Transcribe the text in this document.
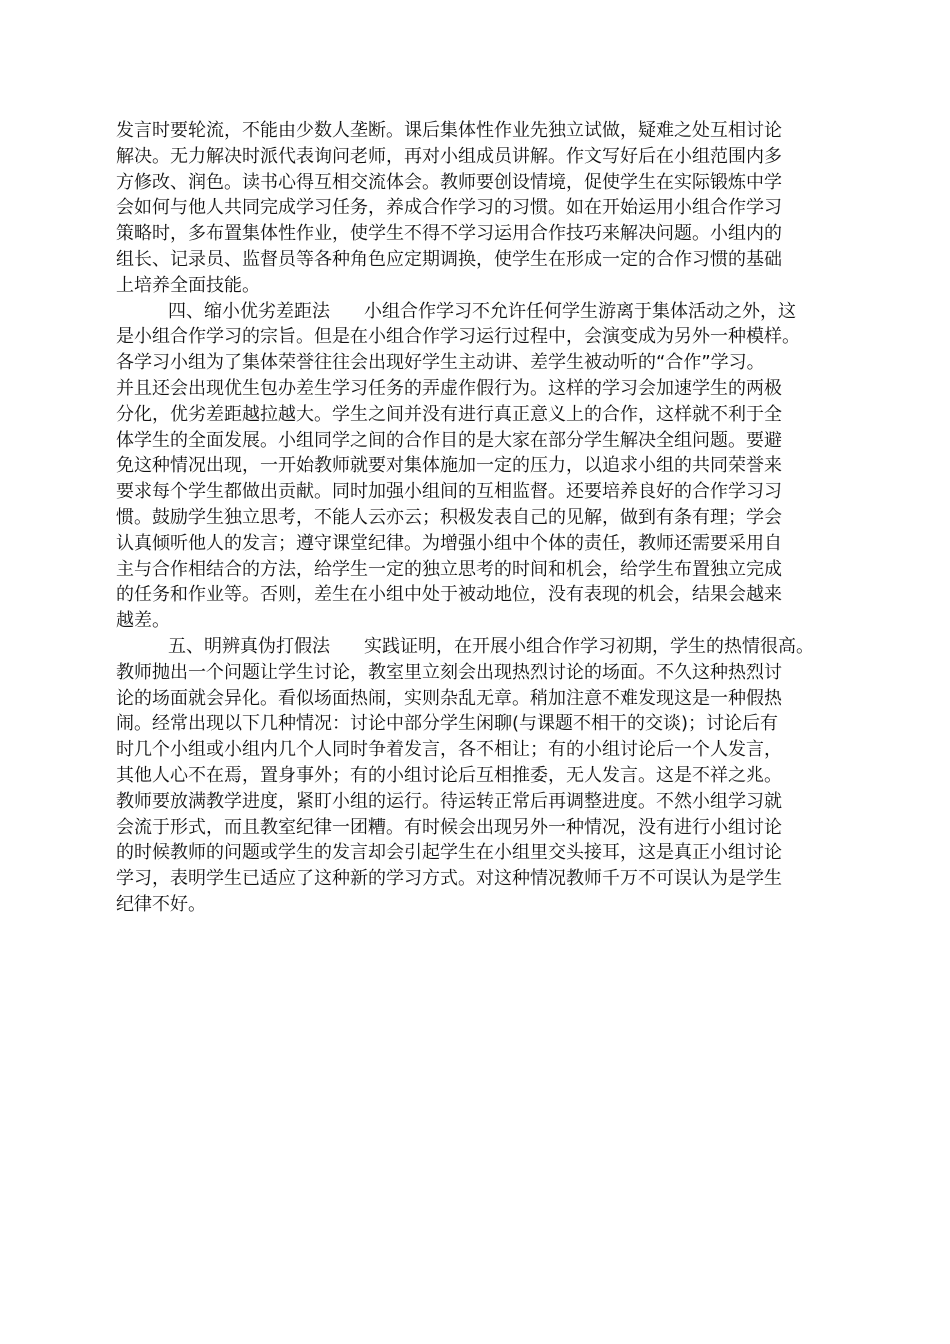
发言时要轮流，不能由少数人垄断。课后集体性作业先独立试做，疑难之处互相讨论
解决。无力解决时派代表询问老师，再对小组成员讲解。作文写好后在小组范围内多
方修改、润色。读书心得互相交流体会。教师要创设情境，促使学生在实际锻炼中学
会如何与他人共同完成学习任务，养成合作学习的习惯。如在开始运用小组合作学习
策略时，多布置集体性作业，使学生不得不学习运用合作技巧来解决问题。小组内的
组长、记录员、监督员等各种角色应定期调换，使学生在形成一定的合作习惯的基础
上培养全面技能。
四、缩小优劣差距法 小组合作学习不允许任何学生游离于集体活动之外，这
是小组合作学习的宗旨。但是在小组合作学习运行过程中，会演变成为另外一种模样。
各学习小组为了集体荣誉往往会出现好学生主动讲、差学生被动听的“合作”学习。
并且还会出现优生包办差生学习任务的弄虚作假行为。这样的学习会加速学生的两极
分化，优劣差距越拉越大。学生之间并没有进行真正意义上的合作，这样就不利于全
体学生的全面发展。小组同学之间的合作目的是大家在部分学生解决全组问题。要避
免这种情况出现，一开始教师就要对集体施加一定的压力，以追求小组的共同荣誉来
要求每个学生都做出贡献。同时加强小组间的互相监督。还要培养良好的合作学习习
惯。鼓励学生独立思考，不能人云亦云；积极发表自己的见解，做到有条有理；学会
认真倾听他人的发言；遵守课堂纪律。为增强小组中个体的责任，教师还需要采用自
主与合作相结合的方法，给学生一定的独立思考的时间和机会，给学生布置独立完成
的任务和作业等。否则，差生在小组中处于被动地位，没有表现的机会，结果会越来
越差。
五、明辨真伪打假法 实践证明，在开展小组合作学习初期，学生的热情很高。
教师抛出一个问题让学生讨论，教室里立刻会出现热烈讨论的场面。不久这种热烈讨
论的场面就会异化。看似场面热闹，实则杂乱无章。稍加注意不难发现这是一种假热
闹。经常出现以下几种情况：讨论中部分学生闲聊(与课题不相干的交谈)；讨论后有
时几个小组或小组内几个人同时争着发言，各不相让；有的小组讨论后一个人发言，
其他人心不在焉，置身事外；有的小组讨论后互相推委，无人发言。这是不祥之兆。
教师要放满教学进度，紧盯小组的运行。待运转正常后再调整进度。不然小组学习就
会流于形式，而且教室纪律一团糟。有时候会出现另外一种情况，没有进行小组讨论
的时候教师的问题或学生的发言却会引起学生在小组里交头接耳，这是真正小组讨论
学习，表明学生已适应了这种新的学习方式。对这种情况教师千万不可误认为是学生
纪律不好。
